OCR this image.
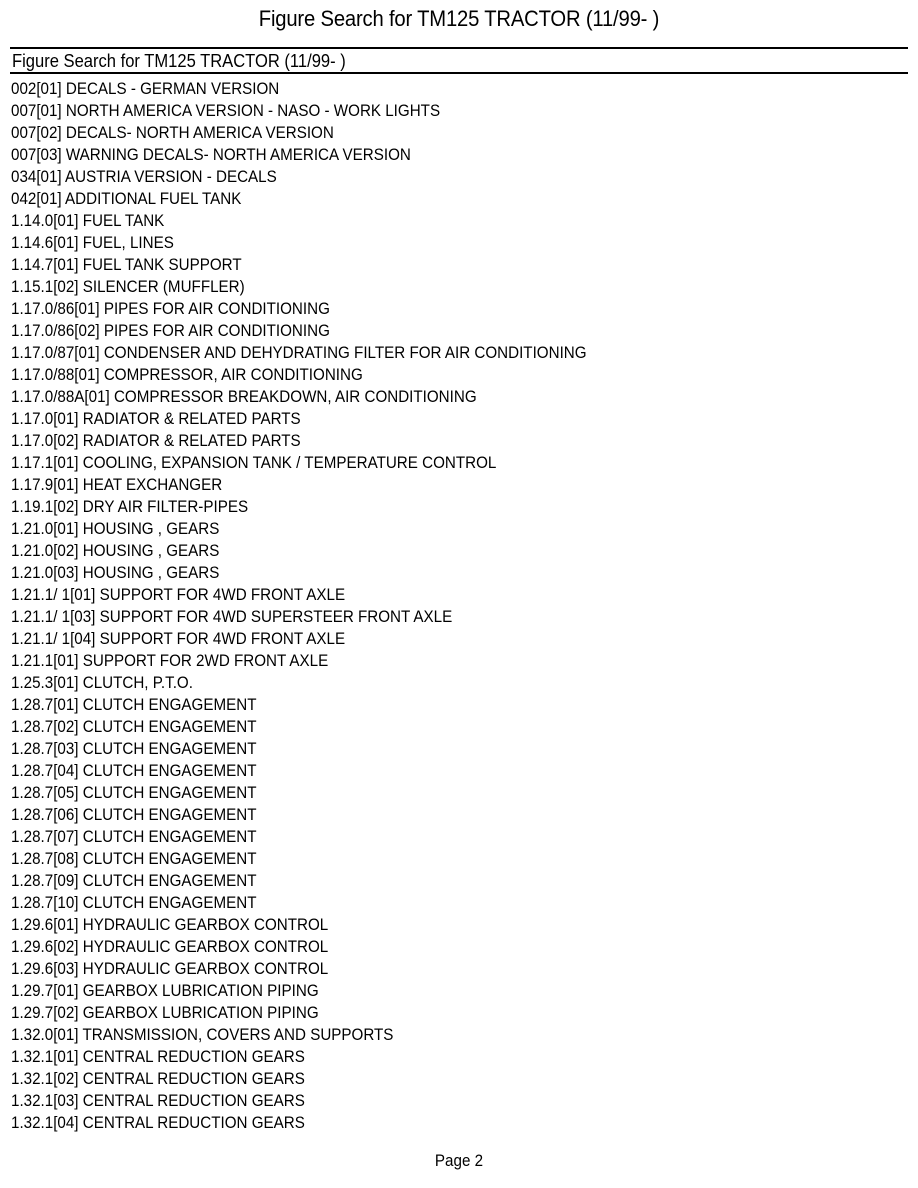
Figure Search for TM125 TRACTOR (11/99- )
Figure Search for TM125 TRACTOR (11/99- )
002[01] DECALS - GERMAN VERSION
007[01] NORTH AMERICA VERSION - NASO - WORK LIGHTS
007[02] DECALS- NORTH AMERICA VERSION
007[03] WARNING DECALS- NORTH AMERICA VERSION
034[01] AUSTRIA VERSION - DECALS
042[01] ADDITIONAL FUEL TANK
1.14.0[01] FUEL TANK
1.14.6[01] FUEL, LINES
1.14.7[01] FUEL TANK SUPPORT
1.15.1[02] SILENCER (MUFFLER)
1.17.0/86[01] PIPES FOR AIR CONDITIONING
1.17.0/86[02] PIPES FOR AIR CONDITIONING
1.17.0/87[01] CONDENSER AND DEHYDRATING FILTER FOR AIR CONDITIONING
1.17.0/88[01] COMPRESSOR, AIR CONDITIONING
1.17.0/88A[01] COMPRESSOR BREAKDOWN, AIR CONDITIONING
1.17.0[01] RADIATOR & RELATED PARTS
1.17.0[02] RADIATOR & RELATED PARTS
1.17.1[01] COOLING, EXPANSION TANK / TEMPERATURE CONTROL
1.17.9[01] HEAT EXCHANGER
1.19.1[02] DRY AIR FILTER-PIPES
1.21.0[01] HOUSING , GEARS
1.21.0[02] HOUSING , GEARS
1.21.0[03] HOUSING , GEARS
1.21.1/ 1[01] SUPPORT FOR 4WD FRONT AXLE
1.21.1/ 1[03] SUPPORT FOR 4WD SUPERSTEER FRONT AXLE
1.21.1/ 1[04] SUPPORT FOR 4WD FRONT AXLE
1.21.1[01] SUPPORT FOR 2WD FRONT AXLE
1.25.3[01] CLUTCH, P.T.O.
1.28.7[01] CLUTCH ENGAGEMENT
1.28.7[02] CLUTCH ENGAGEMENT
1.28.7[03] CLUTCH ENGAGEMENT
1.28.7[04] CLUTCH ENGAGEMENT
1.28.7[05] CLUTCH ENGAGEMENT
1.28.7[06] CLUTCH ENGAGEMENT
1.28.7[07] CLUTCH ENGAGEMENT
1.28.7[08] CLUTCH ENGAGEMENT
1.28.7[09] CLUTCH ENGAGEMENT
1.28.7[10] CLUTCH ENGAGEMENT
1.29.6[01] HYDRAULIC GEARBOX CONTROL
1.29.6[02] HYDRAULIC GEARBOX CONTROL
1.29.6[03] HYDRAULIC GEARBOX CONTROL
1.29.7[01] GEARBOX LUBRICATION PIPING
1.29.7[02] GEARBOX LUBRICATION PIPING
1.32.0[01] TRANSMISSION, COVERS AND SUPPORTS
1.32.1[01] CENTRAL REDUCTION GEARS
1.32.1[02] CENTRAL REDUCTION GEARS
1.32.1[03] CENTRAL REDUCTION GEARS
1.32.1[04] CENTRAL REDUCTION GEARS
Page 2
